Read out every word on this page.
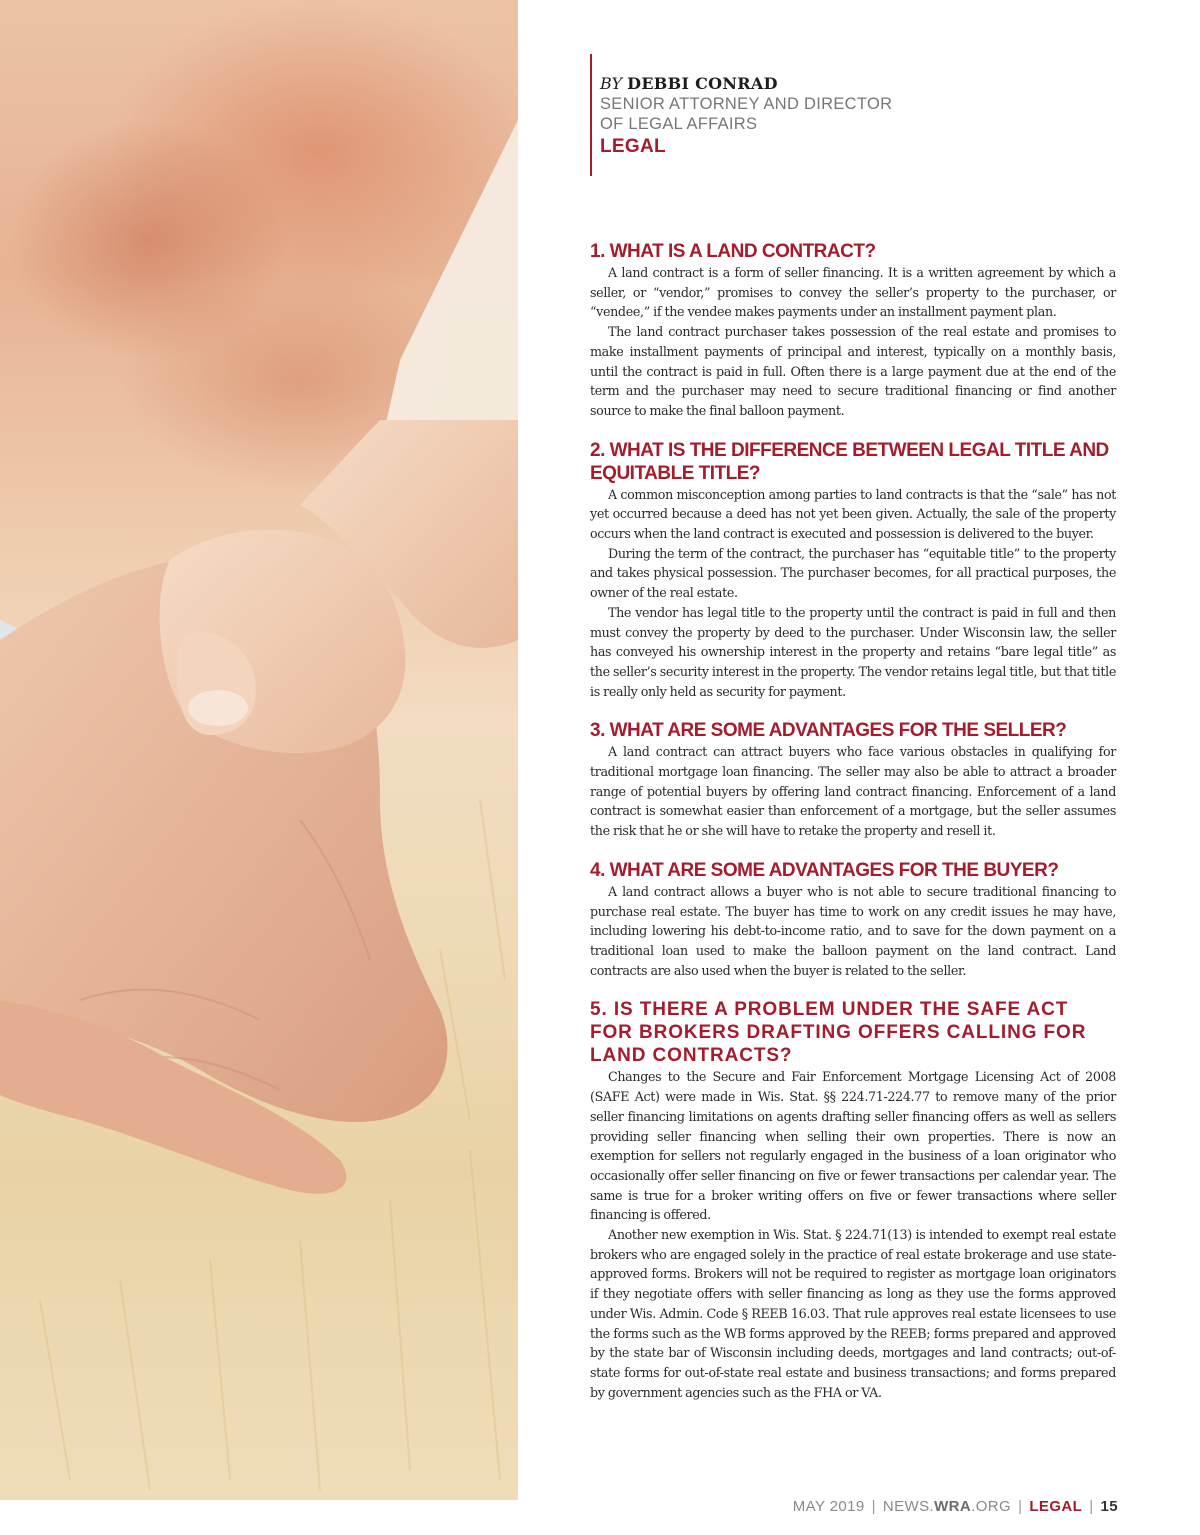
BY DEBBI CONRAD
SENIOR ATTORNEY AND DIRECTOR
OF LEGAL AFFAIRS
LEGAL
1. WHAT IS A LAND CONTRACT?

A land contract is a form of seller financing. It is a written agreement by which a seller, or “vendor,” promises to convey the seller’s property to the purchaser, or “vendee,” if the vendee makes payments under an installment payment plan.

The land contract purchaser takes possession of the real estate and promises to make installment payments of principal and interest, typically on a monthly basis, until the contract is paid in full. Often there is a large payment due at the end of the term and the purchaser may need to secure traditional financing or find another source to make the final balloon payment.

2. WHAT IS THE DIFFERENCE BETWEEN LEGAL TITLE AND EQUITABLE TITLE?

A common misconception among parties to land contracts is that the “sale” has not yet occurred because a deed has not yet been given. Actually, the sale of the property occurs when the land contract is executed and possession is delivered to the buyer.

During the term of the contract, the purchaser has “equitable title” to the property and takes physical possession. The purchaser becomes, for all practical purposes, the owner of the real estate.

The vendor has legal title to the property until the contract is paid in full and then must convey the property by deed to the purchaser. Under Wisconsin law, the seller has conveyed his ownership interest in the property and retains “bare legal title” as the seller’s security interest in the property. The vendor retains legal title, but that title is really only held as security for payment.

3. WHAT ARE SOME ADVANTAGES FOR THE SELLER?

A land contract can attract buyers who face various obstacles in qualifying for traditional mortgage loan financing. The seller may also be able to attract a broader range of potential buyers by offering land contract financing. Enforcement of a land contract is somewhat easier than enforcement of a mortgage, but the seller assumes the risk that he or she will have to retake the property and resell it.

4. WHAT ARE SOME ADVANTAGES FOR THE BUYER?

A land contract allows a buyer who is not able to secure traditional financing to purchase real estate. The buyer has time to work on any credit issues he may have, including lowering his debt-to-income ratio, and to save for the down payment on a traditional loan used to make the balloon payment on the land contract. Land contracts are also used when the buyer is related to the seller.

5. IS THERE A PROBLEM UNDER THE SAFE ACT FOR BROKERS DRAFTING OFFERS CALLING FOR LAND CONTRACTS?

Changes to the Secure and Fair Enforcement Mortgage Licensing Act of 2008 (SAFE Act) were made in Wis. Stat. §§ 224.71-224.77 to remove many of the prior seller financing limitations on agents drafting seller financing offers as well as sellers providing seller financing when selling their own properties. There is now an exemption for sellers not regularly engaged in the business of a loan originator who occasionally offer seller financing on five or fewer transactions per calendar year. The same is true for a broker writing offers on five or fewer transactions where seller financing is offered.

Another new exemption in Wis. Stat. § 224.71(13) is intended to exempt real estate brokers who are engaged solely in the practice of real estate brokerage and use state-approved forms. Brokers will not be required to register as mortgage loan originators if they negotiate offers with seller financing as long as they use the forms approved under Wis. Admin. Code § REEB 16.03. That rule approves real estate licensees to use the forms such as the WB forms approved by the REEB; forms prepared and approved by the state bar of Wisconsin including deeds, mortgages and land contracts; out-of-state forms for out-of-state real estate and business transactions; and forms prepared by government agencies such as the FHA or VA.

MAY 2019 | NEWS.WRA.ORG | LEGAL | 15
